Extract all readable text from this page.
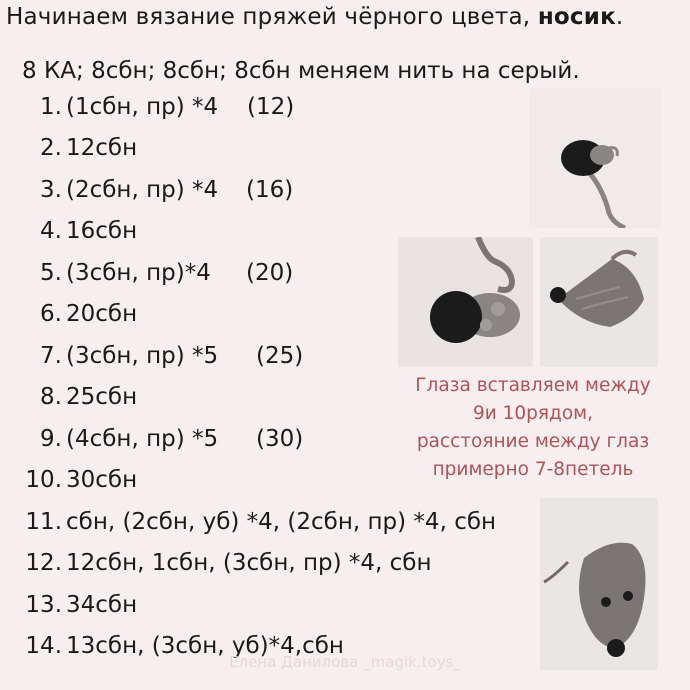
Начинаем вязание пряжей чёрного цвета, носик.
8 КА; 8сбн; 8сбн; 8сбн меняем нить на серый.
1. (1сбн, пр) *4 (12)
2. 12сбн
3. (2сбн, пр) *4 (16)
4. 16сбн
5. (3сбн, пр)*4 (20)
6. 20сбн
7. (3сбн, пр) *5 (25)
8. 25сбн
9. (4сбн, пр) *5 (30)
10. 30сбн
11. сбн, (2сбн, уб) *4, (2сбн, пр) *4, сбн
12. 12сбн, 1сбн, (3сбн, пр) *4, сбн
13. 34сбн
14. 13сбн, (3сбн, уб)*4,сбн
Глаза вставляем между
9и 10рядом,
расстояние между глаз
примерно 7-8петель
Елена Данилова _magik.toys_
